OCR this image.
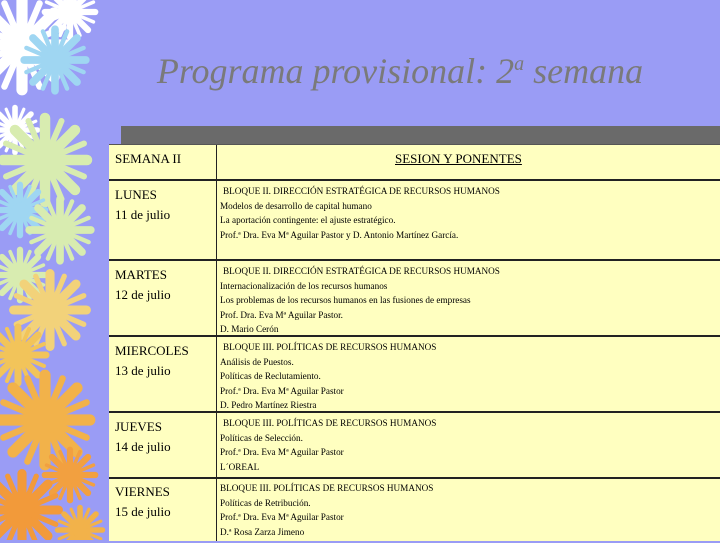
Programa provisional: 2$^a$ semana
SEMANA II	SESION Y PONENTES
LUNES
11 de julio
BLOQUE II. DIRECCIÓN ESTRATÉGICA DE RECURSOS HUMANOS
Modelos de desarrollo de capital humano
La aportación contingente: el ajuste estratégico.
Prof.ª Dra. Eva Mª Aguilar Pastor y D. Antonio Martínez García.
MARTES
12 de julio
BLOQUE II. DIRECCIÓN ESTRATÉGICA DE RECURSOS HUMANOS
Internacionalización de los recursos humanos
Los problemas de los recursos humanos en las fusiones de empresas
Prof. Dra. Eva Mª Aguilar Pastor.
D. Mario Cerón
MIERCOLES
13 de julio
BLOQUE III. POLÍTICAS DE RECURSOS HUMANOS
Análisis de Puestos.
Políticas de Reclutamiento.
Prof.ª Dra. Eva Mª Aguilar Pastor
D. Pedro Martínez Riestra
JUEVES
14 de julio
BLOQUE III. POLÍTICAS DE RECURSOS HUMANOS
Políticas de Selección.
Prof.ª Dra. Eva Mª Aguilar Pastor
L´OREAL
VIERNES
15 de julio
BLOQUE III. POLÍTICAS DE RECURSOS HUMANOS
Políticas de Retribución.
Prof.ª Dra. Eva Mª Aguilar Pastor
D.ª Rosa Zarza Jimeno
